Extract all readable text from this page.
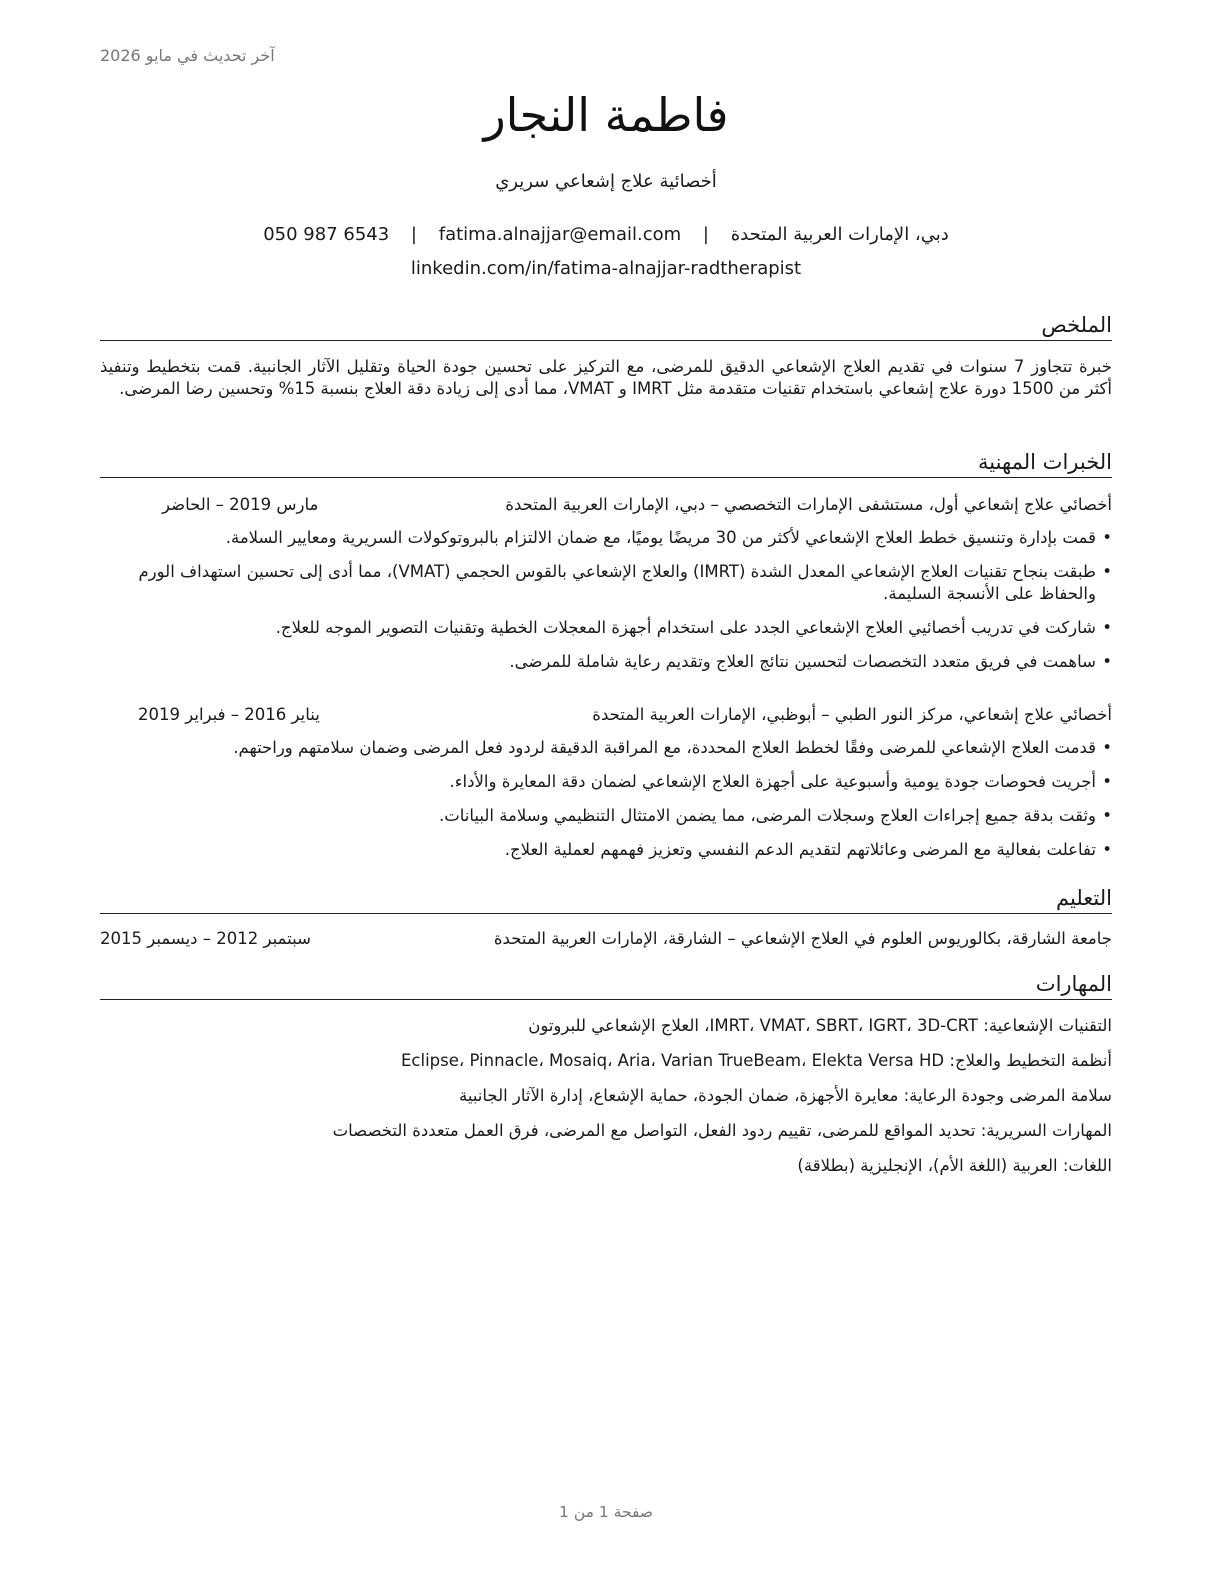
آخر تحديث في مايو 2026
فاطمة النجار
أخصائية علاج إشعاعي سريري
دبي، الإمارات العربية المتحدة | fatima.alnajjar@email.com | 050 987 6543
linkedin.com/in/fatima-alnajjar-radtherapist
الملخص
خبرة تتجاوز 7 سنوات في تقديم العلاج الإشعاعي الدقيق للمرضى، مع التركيز على تحسين جودة الحياة وتقليل الآثار الجانبية. قمت بتخطيط وتنفيذ أكثر من 1500 دورة علاج إشعاعي باستخدام تقنيات متقدمة مثل IMRT و VMAT، مما أدى إلى زيادة دقة العلاج بنسبة 15% وتحسين رضا المرضى.
الخبرات المهنية
أخصائي علاج إشعاعي أول، مستشفى الإمارات التخصصي – دبي، الإمارات العربية المتحدة
مارس 2019 – الحاضر
• قمت بإدارة وتنسيق خطط العلاج الإشعاعي لأكثر من 30 مريضًا يوميًا، مع ضمان الالتزام بالبروتوكولات السريرية ومعايير السلامة.
• طبقت بنجاح تقنيات العلاج الإشعاعي المعدل الشدة (IMRT) والعلاج الإشعاعي بالقوس الحجمي (VMAT)، مما أدى إلى تحسين استهداف الورم والحفاظ على الأنسجة السليمة.
• شاركت في تدريب أخصائيي العلاج الإشعاعي الجدد على استخدام أجهزة المعجلات الخطية وتقنيات التصوير الموجه للعلاج.
• ساهمت في فريق متعدد التخصصات لتحسين نتائج العلاج وتقديم رعاية شاملة للمرضى.
أخصائي علاج إشعاعي، مركز النور الطبي – أبوظبي، الإمارات العربية المتحدة
يناير 2016 – فبراير 2019
• قدمت العلاج الإشعاعي للمرضى وفقًا لخطط العلاج المحددة، مع المراقبة الدقيقة لردود فعل المرضى وضمان سلامتهم وراحتهم.
• أجريت فحوصات جودة يومية وأسبوعية على أجهزة العلاج الإشعاعي لضمان دقة المعايرة والأداء.
• وثقت بدقة جميع إجراءات العلاج وسجلات المرضى، مما يضمن الامتثال التنظيمي وسلامة البيانات.
• تفاعلت بفعالية مع المرضى وعائلاتهم لتقديم الدعم النفسي وتعزيز فهمهم لعملية العلاج.
التعليم
جامعة الشارقة، بكالوريوس العلوم في العلاج الإشعاعي – الشارقة، الإمارات العربية المتحدة
سبتمبر 2012 – ديسمبر 2015
المهارات
التقنيات الإشعاعية: IMRT، VMAT، SBRT، IGRT، 3D-CRT، العلاج الإشعاعي للبروتون
أنظمة التخطيط والعلاج: Eclipse، Pinnacle، Mosaiq، Aria، Varian TrueBeam، Elekta Versa HD
سلامة المرضى وجودة الرعاية: معايرة الأجهزة، ضمان الجودة، حماية الإشعاع، إدارة الآثار الجانبية
المهارات السريرية: تحديد المواقع للمرضى، تقييم ردود الفعل، التواصل مع المرضى، فرق العمل متعددة التخصصات
اللغات: العربية (اللغة الأم)، الإنجليزية (بطلاقة)
صفحة 1 من 1
